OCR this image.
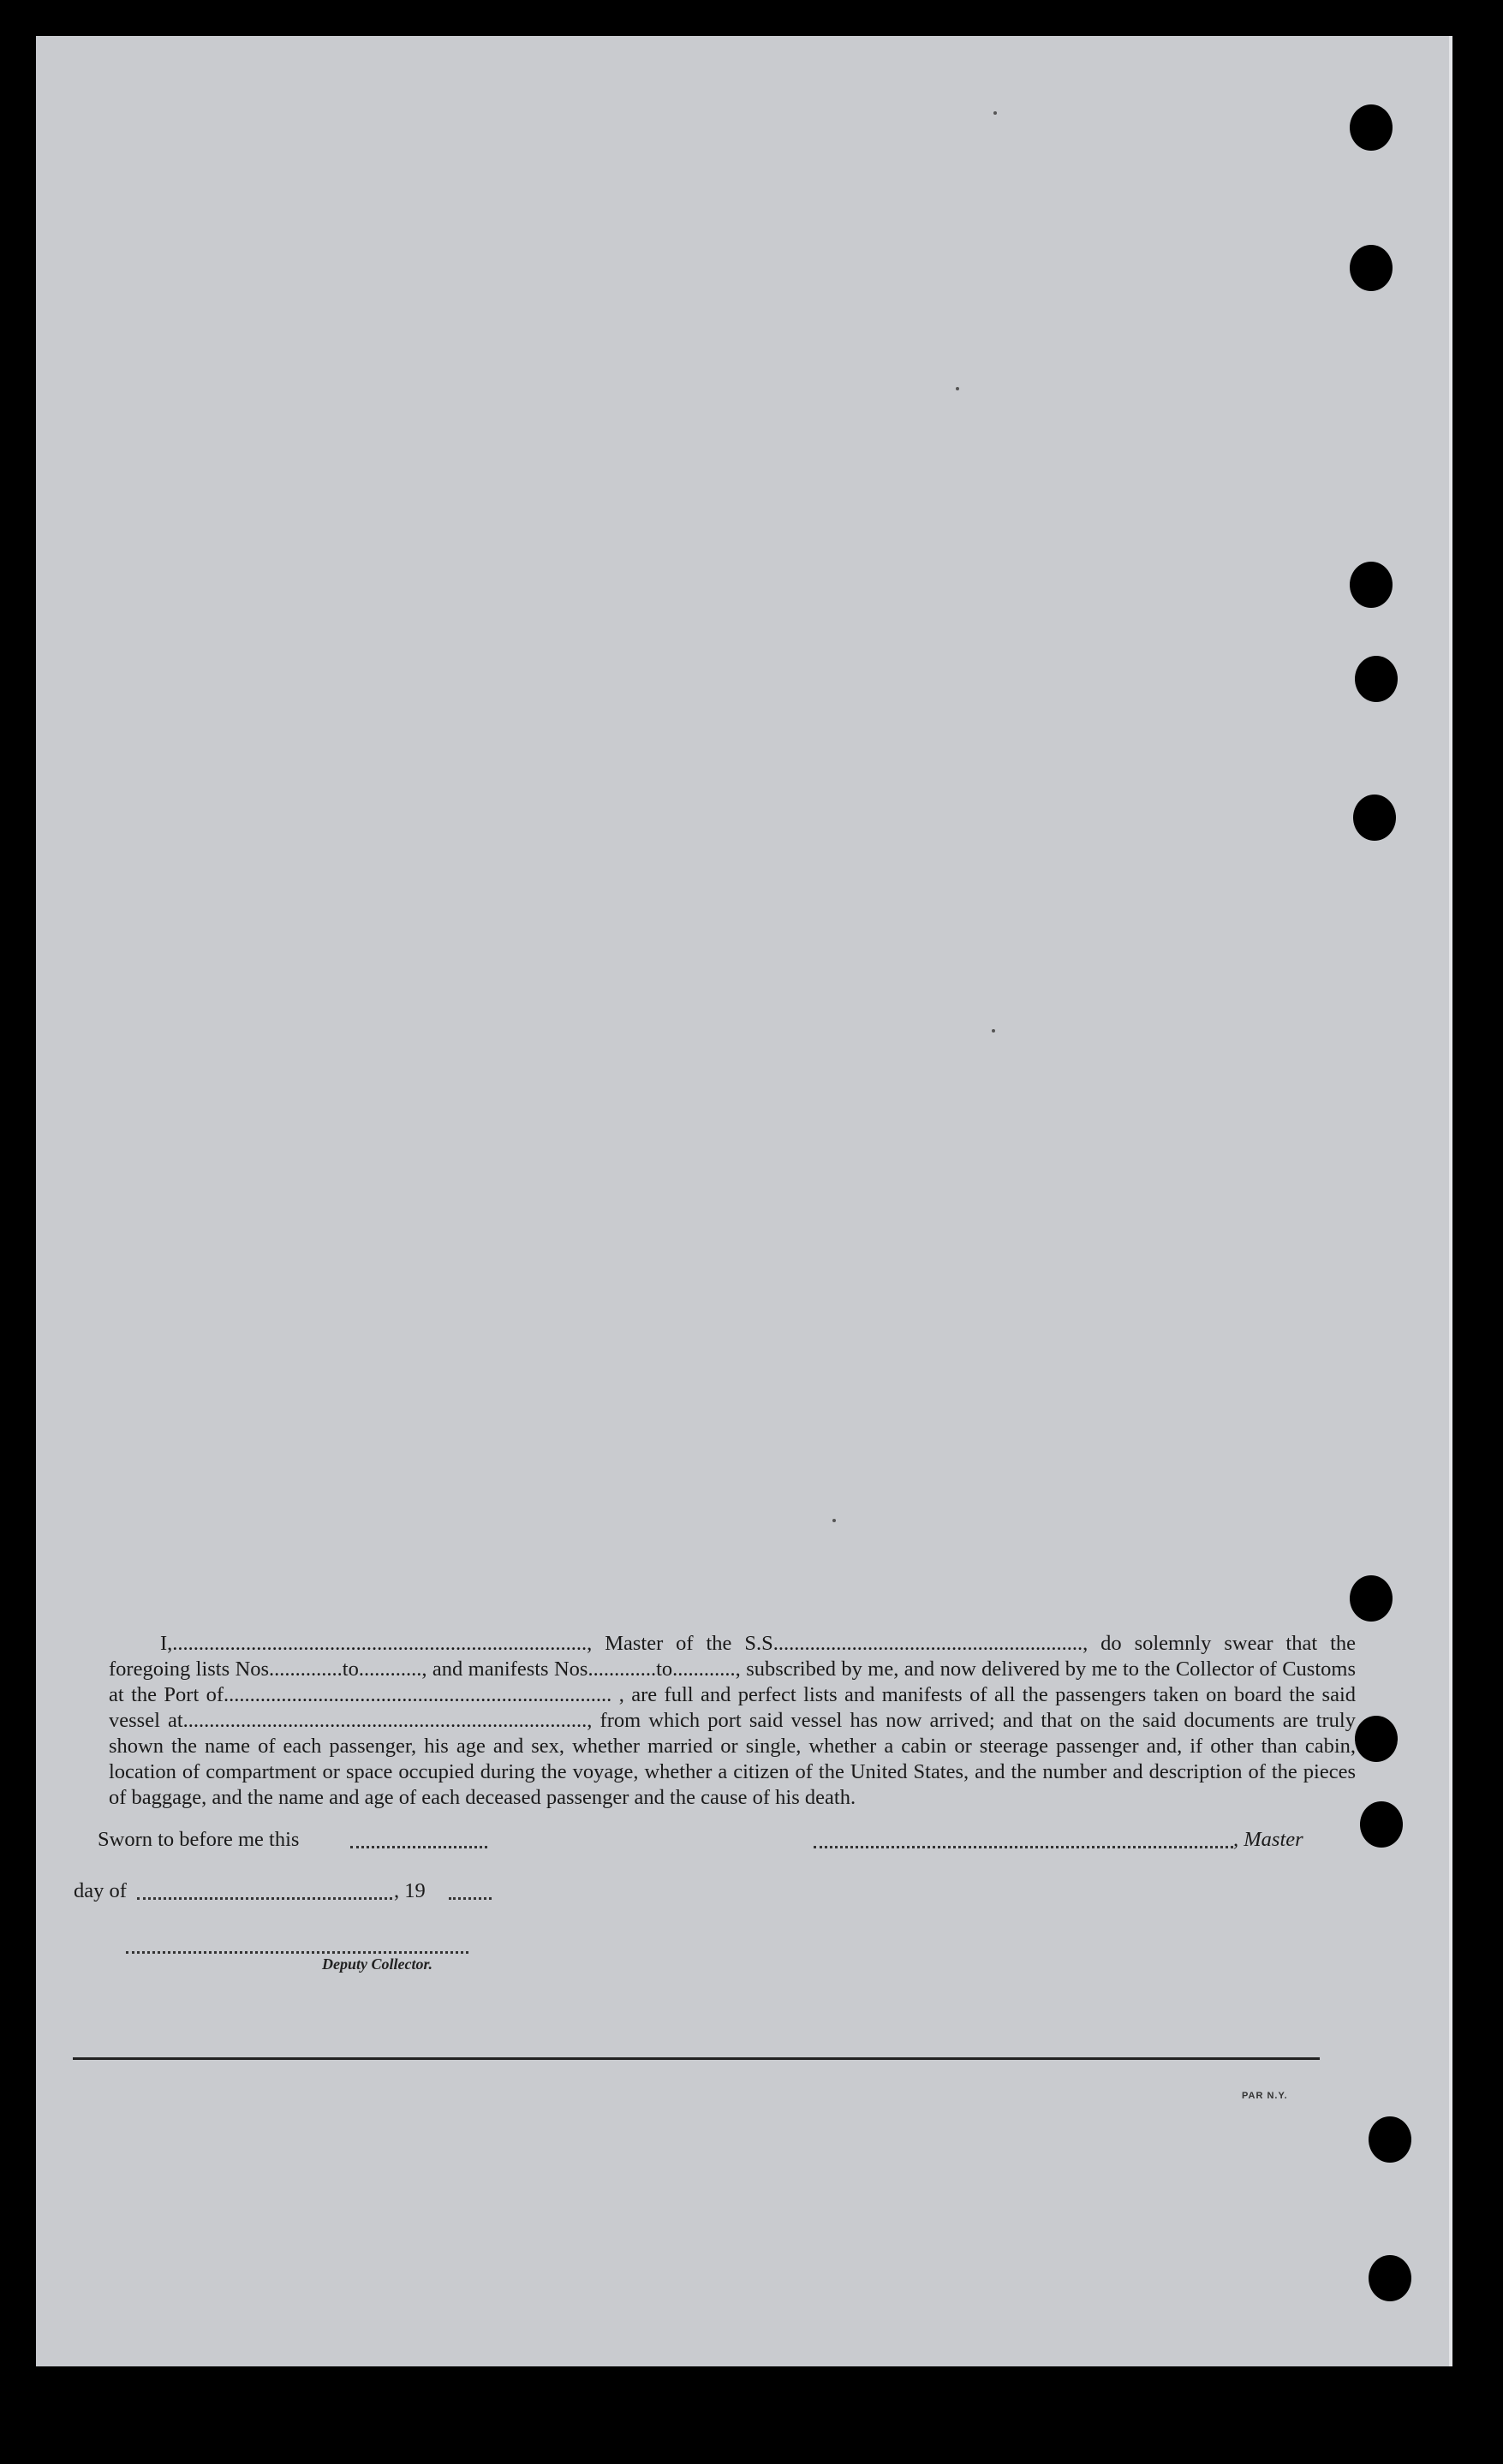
I,..............................................................................., Master of the S.S..........................................................., do solemnly swear that the foregoing lists Nos..............to............, and manifests Nos.............to............, subscribed by me, and now delivered by me to the Collector of Customs at the Port of.......................................................................... , are full and perfect lists and manifests of all the passengers taken on board the said vessel at............................................................................., from which port said vessel has now arrived; and that on the said documents are truly shown the name of each passenger, his age and sex, whether married or single, whether a cabin or steerage passenger and, if other than cabin, location of compartment or space occupied during the voyage, whether a citizen of the United States, and the number and description of the pieces of baggage, and the name and age of each deceased passenger and the cause of his death.

Sworn to before me this	, Master
day of	, 19
Deputy Collector.
PAR N.Y.
